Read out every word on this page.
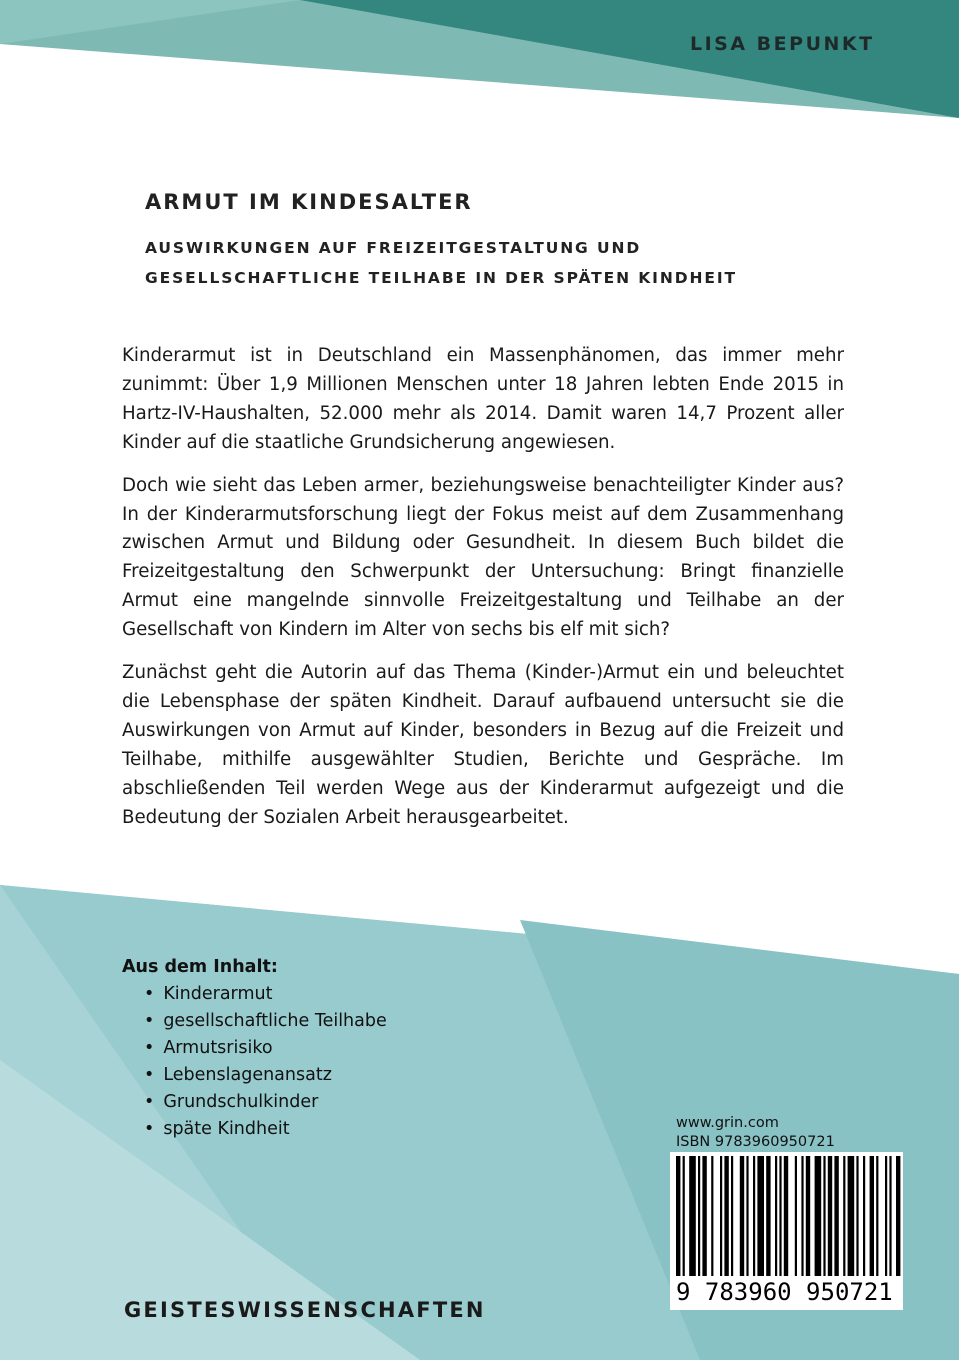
LISA BEPUNKT
ARMUT IM KINDESALTER
AUSWIRKUNGEN AUF FREIZEITGESTALTUNG UND
GESELLSCHAFTLICHE TEILHABE IN DER SPÄTEN KINDHEIT

Kinderarmut ist in Deutschland ein Massenphänomen, das immer mehr zunimmt: Über 1,9 Millionen Menschen unter 18 Jahren lebten Ende 2015 in Hartz-IV-Haushalten, 52.000 mehr als 2014. Damit waren 14,7 Prozent aller Kinder auf die staatliche Grundsicherung angewiesen.

Doch wie sieht das Leben armer, beziehungsweise benachteiligter Kinder aus? In der Kinderarmutsforschung liegt der Fokus meist auf dem Zusammenhang zwischen Armut und Bildung oder Gesundheit. In diesem Buch bildet die Freizeitgestaltung den Schwerpunkt der Untersuchung: Bringt finanzielle Armut eine mangelnde sinnvolle Freizeitgestaltung und Teilhabe an der Gesellschaft von Kindern im Alter von sechs bis elf mit sich?

Zunächst geht die Autorin auf das Thema (Kinder-)Armut ein und beleuchtet die Lebensphase der späten Kindheit. Darauf aufbauend untersucht sie die Auswirkungen von Armut auf Kinder, besonders in Bezug auf die Freizeit und Teilhabe, mithilfe ausgewählter Studien, Berichte und Gespräche. Im abschließenden Teil werden Wege aus der Kinderarmut aufgezeigt und die Bedeutung der Sozialen Arbeit herausgearbeitet.

Aus dem Inhalt:
• Kinderarmut
• gesellschaftliche Teilhabe
• Armutsrisiko
• Lebenslagenansatz
• Grundschulkinder
• späte Kindheit	www.grin.com
ISBN 9783960950721
9 783960 950721
GEISTESWISSENSCHAFTEN
